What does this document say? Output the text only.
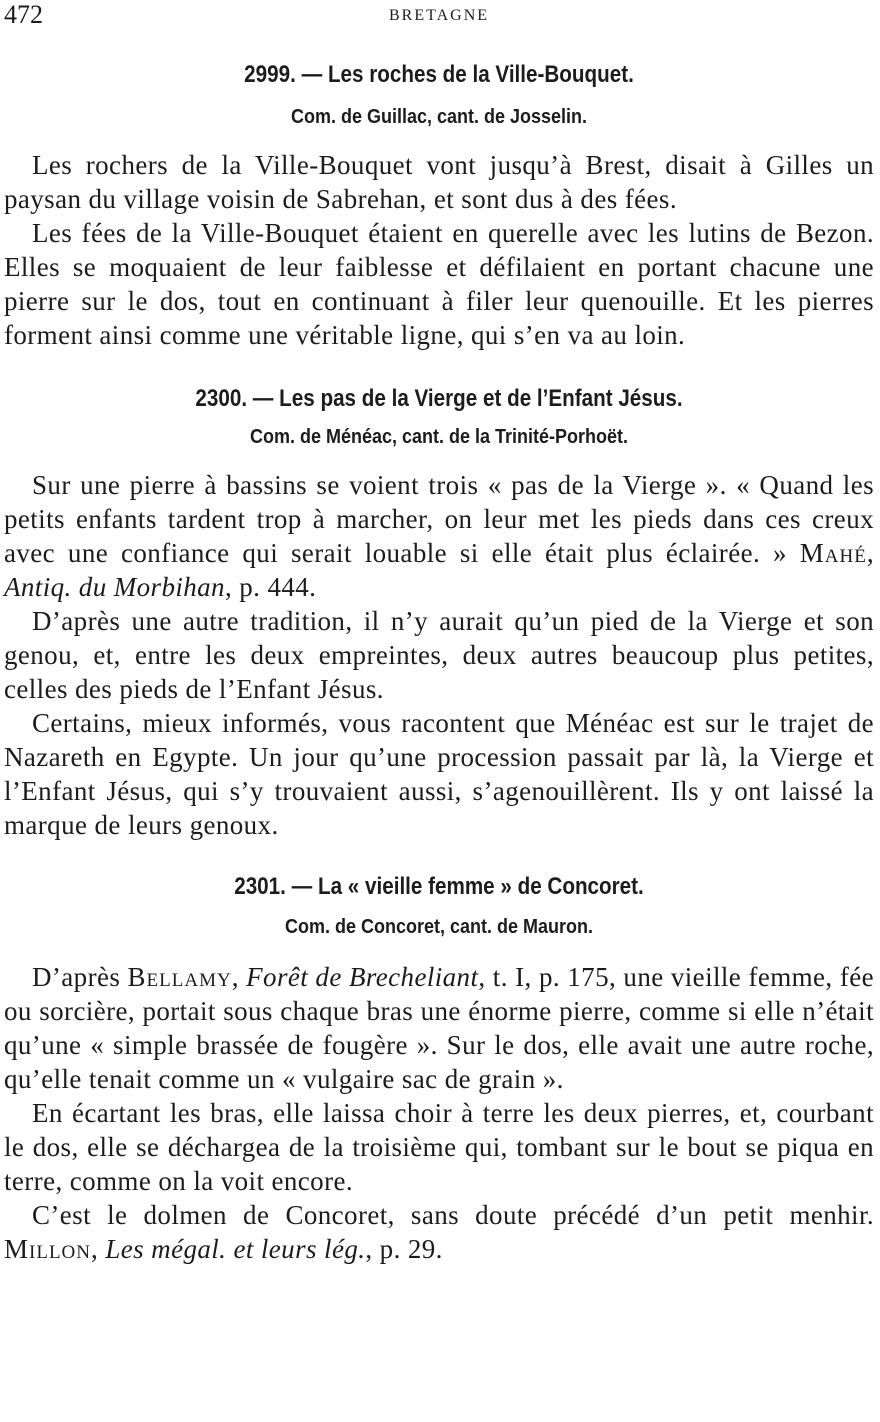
472	BRETAGNE
2999. — Les roches de la Ville-Bouquet.
Com. de Guillac, cant. de Josselin.

Les rochers de la Ville-Bouquet vont jusqu’à Brest, disait à Gilles un paysan du village voisin de Sabrehan, et sont dus à des fées.

Les fées de la Ville-Bouquet étaient en querelle avec les lutins de Bezon. Elles se moquaient de leur faiblesse et défilaient en portant chacune une pierre sur le dos, tout en continuant à filer leur quenouille. Et les pierres forment ainsi comme une véritable ligne, qui s’en va au loin.

2300. — Les pas de la Vierge et de l’Enfant Jésus.
Com. de Ménéac, cant. de la Trinité-Porhoët.

Sur une pierre à bassins se voient trois « pas de la Vierge ». « Quand les petits enfants tardent trop à marcher, on leur met les pieds dans ces creux avec une confiance qui serait louable si elle était plus éclairée. » Mahé, Antiq. du Morbihan, p. 444.

D’après une autre tradition, il n’y aurait qu’un pied de la Vierge et son genou, et, entre les deux empreintes, deux autres beaucoup plus petites, celles des pieds de l’Enfant Jésus.

Certains, mieux informés, vous racontent que Ménéac est sur le trajet de Nazareth en Egypte. Un jour qu’une procession passait par là, la Vierge et l’Enfant Jésus, qui s’y trouvaient aussi, s’agenouillèrent. Ils y ont laissé la marque de leurs genoux.

2301. — La « vieille femme » de Concoret.
Com. de Concoret, cant. de Mauron.

D’après Bellamy, Forêt de Brecheliant, t. I, p. 175, une vieille femme, fée ou sorcière, portait sous chaque bras une énorme pierre, comme si elle n’était qu’une « simple brassée de fougère ». Sur le dos, elle avait une autre roche, qu’elle tenait comme un « vulgaire sac de grain ».

En écartant les bras, elle laissa choir à terre les deux pierres, et, courbant le dos, elle se déchargea de la troisième qui, tombant sur le bout se piqua en terre, comme on la voit encore.

C’est le dolmen de Concoret, sans doute précédé d’un petit menhir. Millon, Les mégal. et leurs lég., p. 29.
